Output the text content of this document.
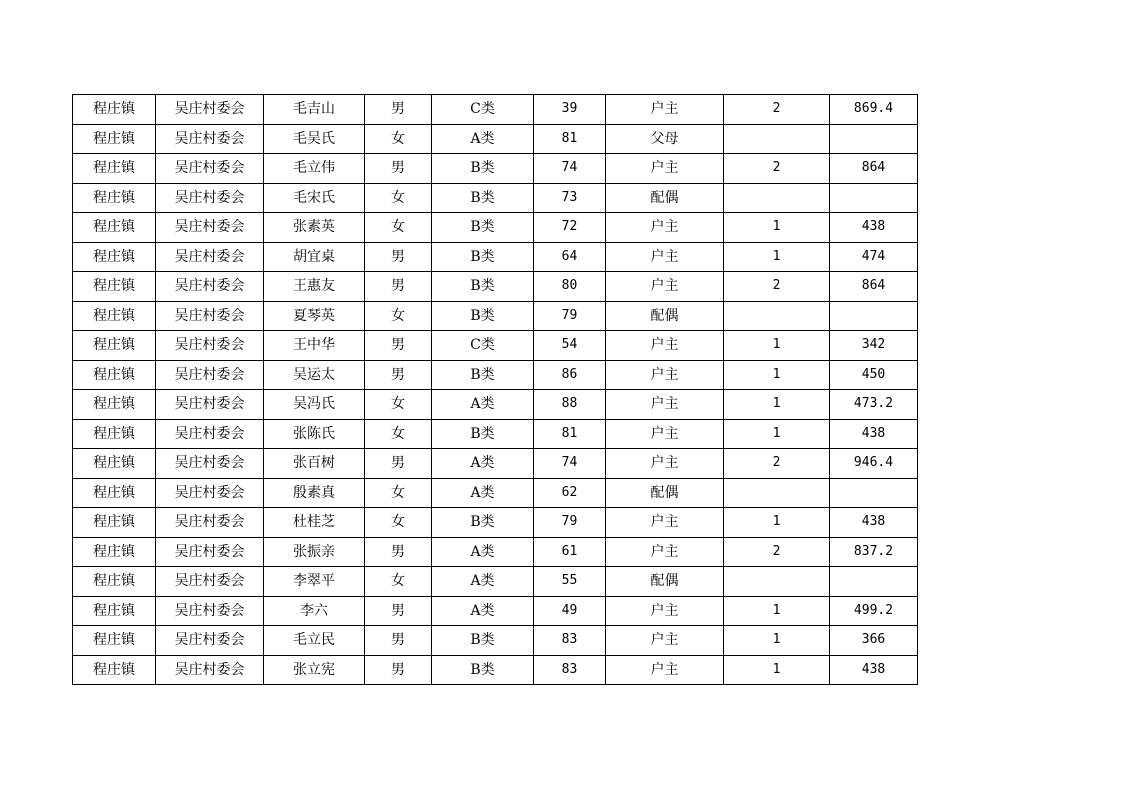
程庄镇	吴庄村委会	毛吉山	男	C类	39	户主	2	869.4
程庄镇	吴庄村委会	毛吴氏	女	A类	81	父母		
程庄镇	吴庄村委会	毛立伟	男	B类	74	户主	2	864
程庄镇	吴庄村委会	毛宋氏	女	B类	73	配偶		
程庄镇	吴庄村委会	张素英	女	B类	72	户主	1	438
程庄镇	吴庄村委会	胡宜桌	男	B类	64	户主	1	474
程庄镇	吴庄村委会	王惠友	男	B类	80	户主	2	864
程庄镇	吴庄村委会	夏琴英	女	B类	79	配偶		
程庄镇	吴庄村委会	王中华	男	C类	54	户主	1	342
程庄镇	吴庄村委会	吴运太	男	B类	86	户主	1	450
程庄镇	吴庄村委会	吴冯氏	女	A类	88	户主	1	473.2
程庄镇	吴庄村委会	张陈氏	女	B类	81	户主	1	438
程庄镇	吴庄村委会	张百树	男	A类	74	户主	2	946.4
程庄镇	吴庄村委会	殷素真	女	A类	62	配偶		
程庄镇	吴庄村委会	杜桂芝	女	B类	79	户主	1	438
程庄镇	吴庄村委会	张振亲	男	A类	61	户主	2	837.2
程庄镇	吴庄村委会	李翠平	女	A类	55	配偶		
程庄镇	吴庄村委会	李六	男	A类	49	户主	1	499.2
程庄镇	吴庄村委会	毛立民	男	B类	83	户主	1	366
程庄镇	吴庄村委会	张立宪	男	B类	83	户主	1	438
